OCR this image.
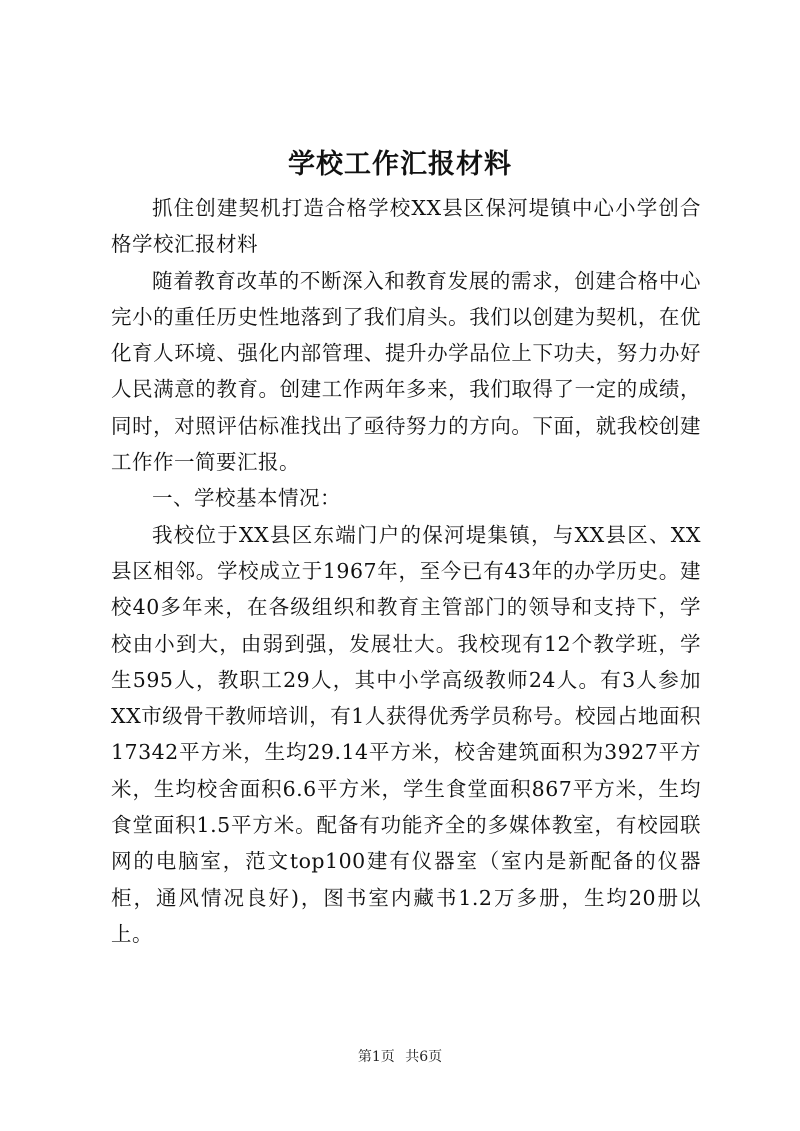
学校工作汇报材料

抓住创建契机打造合格学校XX县区保河堤镇中心小学创合格学校汇报材料

随着教育改革的不断深入和教育发展的需求，创建合格中心完小的重任历史性地落到了我们肩头。我们以创建为契机，在优化育人环境、强化内部管理、提升办学品位上下功夫，努力办好人民满意的教育。创建工作两年多来，我们取得了一定的成绩，同时，对照评估标准找出了亟待努力的方向。下面，就我校创建工作作一简要汇报。

一、学校基本情况：

我校位于XX县区东端门户的保河堤集镇，与XX县区、XX县区相邻。学校成立于1967年，至今已有43年的办学历史。建校40多年来，在各级组织和教育主管部门的领导和支持下，学校由小到大，由弱到强，发展壮大。我校现有12个教学班，学生595人，教职工29人，其中小学高级教师24人。有3人参加XX市级骨干教师培训，有1人获得优秀学员称号。校园占地面积17342平方米，生均29.14平方米，校舍建筑面积为3927平方米，生均校舍面积6.6平方米，学生食堂面积867平方米，生均食堂面积1.5平方米。配备有功能齐全的多媒体教室，有校园联网的电脑室，范文top100建有仪器室（室内是新配备的仪器柜，通风情况良好)，图书室内藏书1.2万多册，生均20册以上。

第1页 共6页
